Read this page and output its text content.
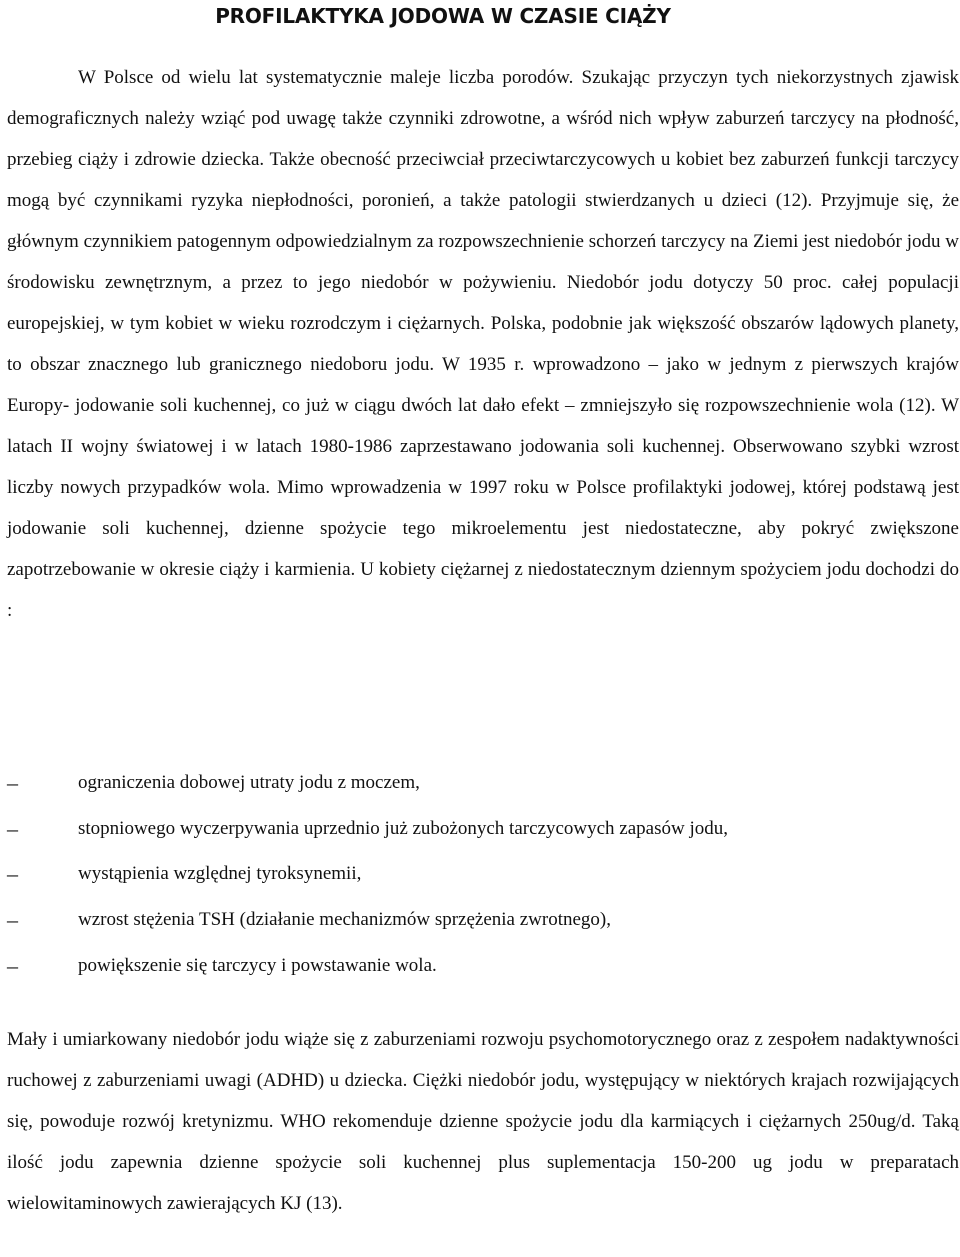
PROFILAKTYKA JODOWA W CZASIE CIĄŻY

W Polsce od wielu lat systematycznie maleje liczba porodów. Szukając przyczyn tych niekorzystnych zjawisk demograficznych należy wziąć pod uwagę także czynniki zdrowotne, a wśród nich wpływ zaburzeń tarczycy na płodność, przebieg ciąży i zdrowie dziecka. Także obecność przeciwciał przeciwtarczycowych u kobiet bez zaburzeń funkcji tarczycy mogą być czynnikami ryzyka niepłodności, poronień, a także patologii stwierdzanych u dzieci (12). Przyjmuje się, że głównym czynnikiem patogennym odpowiedzialnym za rozpowszechnienie schorzeń tarczycy na Ziemi jest niedobór jodu w środowisku zewnętrznym, a przez to jego niedobór w pożywieniu. Niedobór jodu dotyczy 50 proc. całej populacji europejskiej, w tym kobiet w wieku rozrodczym i ciężarnych. Polska, podobnie jak większość obszarów lądowych planety, to obszar znacznego lub granicznego niedoboru jodu. W 1935 r. wprowadzono – jako w jednym z pierwszych krajów Europy- jodowanie soli kuchennej, co już w ciągu dwóch lat dało efekt – zmniejszyło się rozpowszechnienie wola (12). W latach II wojny światowej i w latach 1980-1986 zaprzestawano jodowania soli kuchennej. Obserwowano szybki wzrost liczby nowych przypadków wola. Mimo wprowadzenia w 1997 roku w Polsce profilaktyki jodowej, której podstawą jest jodowanie soli kuchennej, dzienne spożycie tego mikroelementu jest niedostateczne, aby pokryć zwiększone zapotrzebowanie w okresie ciąży i karmienia. U kobiety ciężarnej z niedostatecznym dziennym spożyciem jodu dochodzi do :

–	ograniczenia dobowej utraty jodu z moczem,
–	stopniowego wyczerpywania uprzednio już zubożonych tarczycowych zapasów jodu,
–	wystąpienia względnej tyroksynemii,
–	wzrost stężenia TSH (działanie mechanizmów sprzężenia zwrotnego),
–	powiększenie się tarczycy i powstawanie wola.

Mały i umiarkowany niedobór jodu wiąże się z zaburzeniami rozwoju psychomotorycznego oraz z zespołem nadaktywności ruchowej z zaburzeniami uwagi (ADHD) u dziecka. Ciężki niedobór jodu, występujący w niektórych krajach rozwijających się, powoduje rozwój kretynizmu. WHO rekomenduje dzienne spożycie jodu dla karmiących i ciężarnych 250ug/d. Taką ilość jodu zapewnia dzienne spożycie soli kuchennej plus suplementacja 150-200 ug jodu w preparatach wielowitaminowych zawierających KJ (13).
